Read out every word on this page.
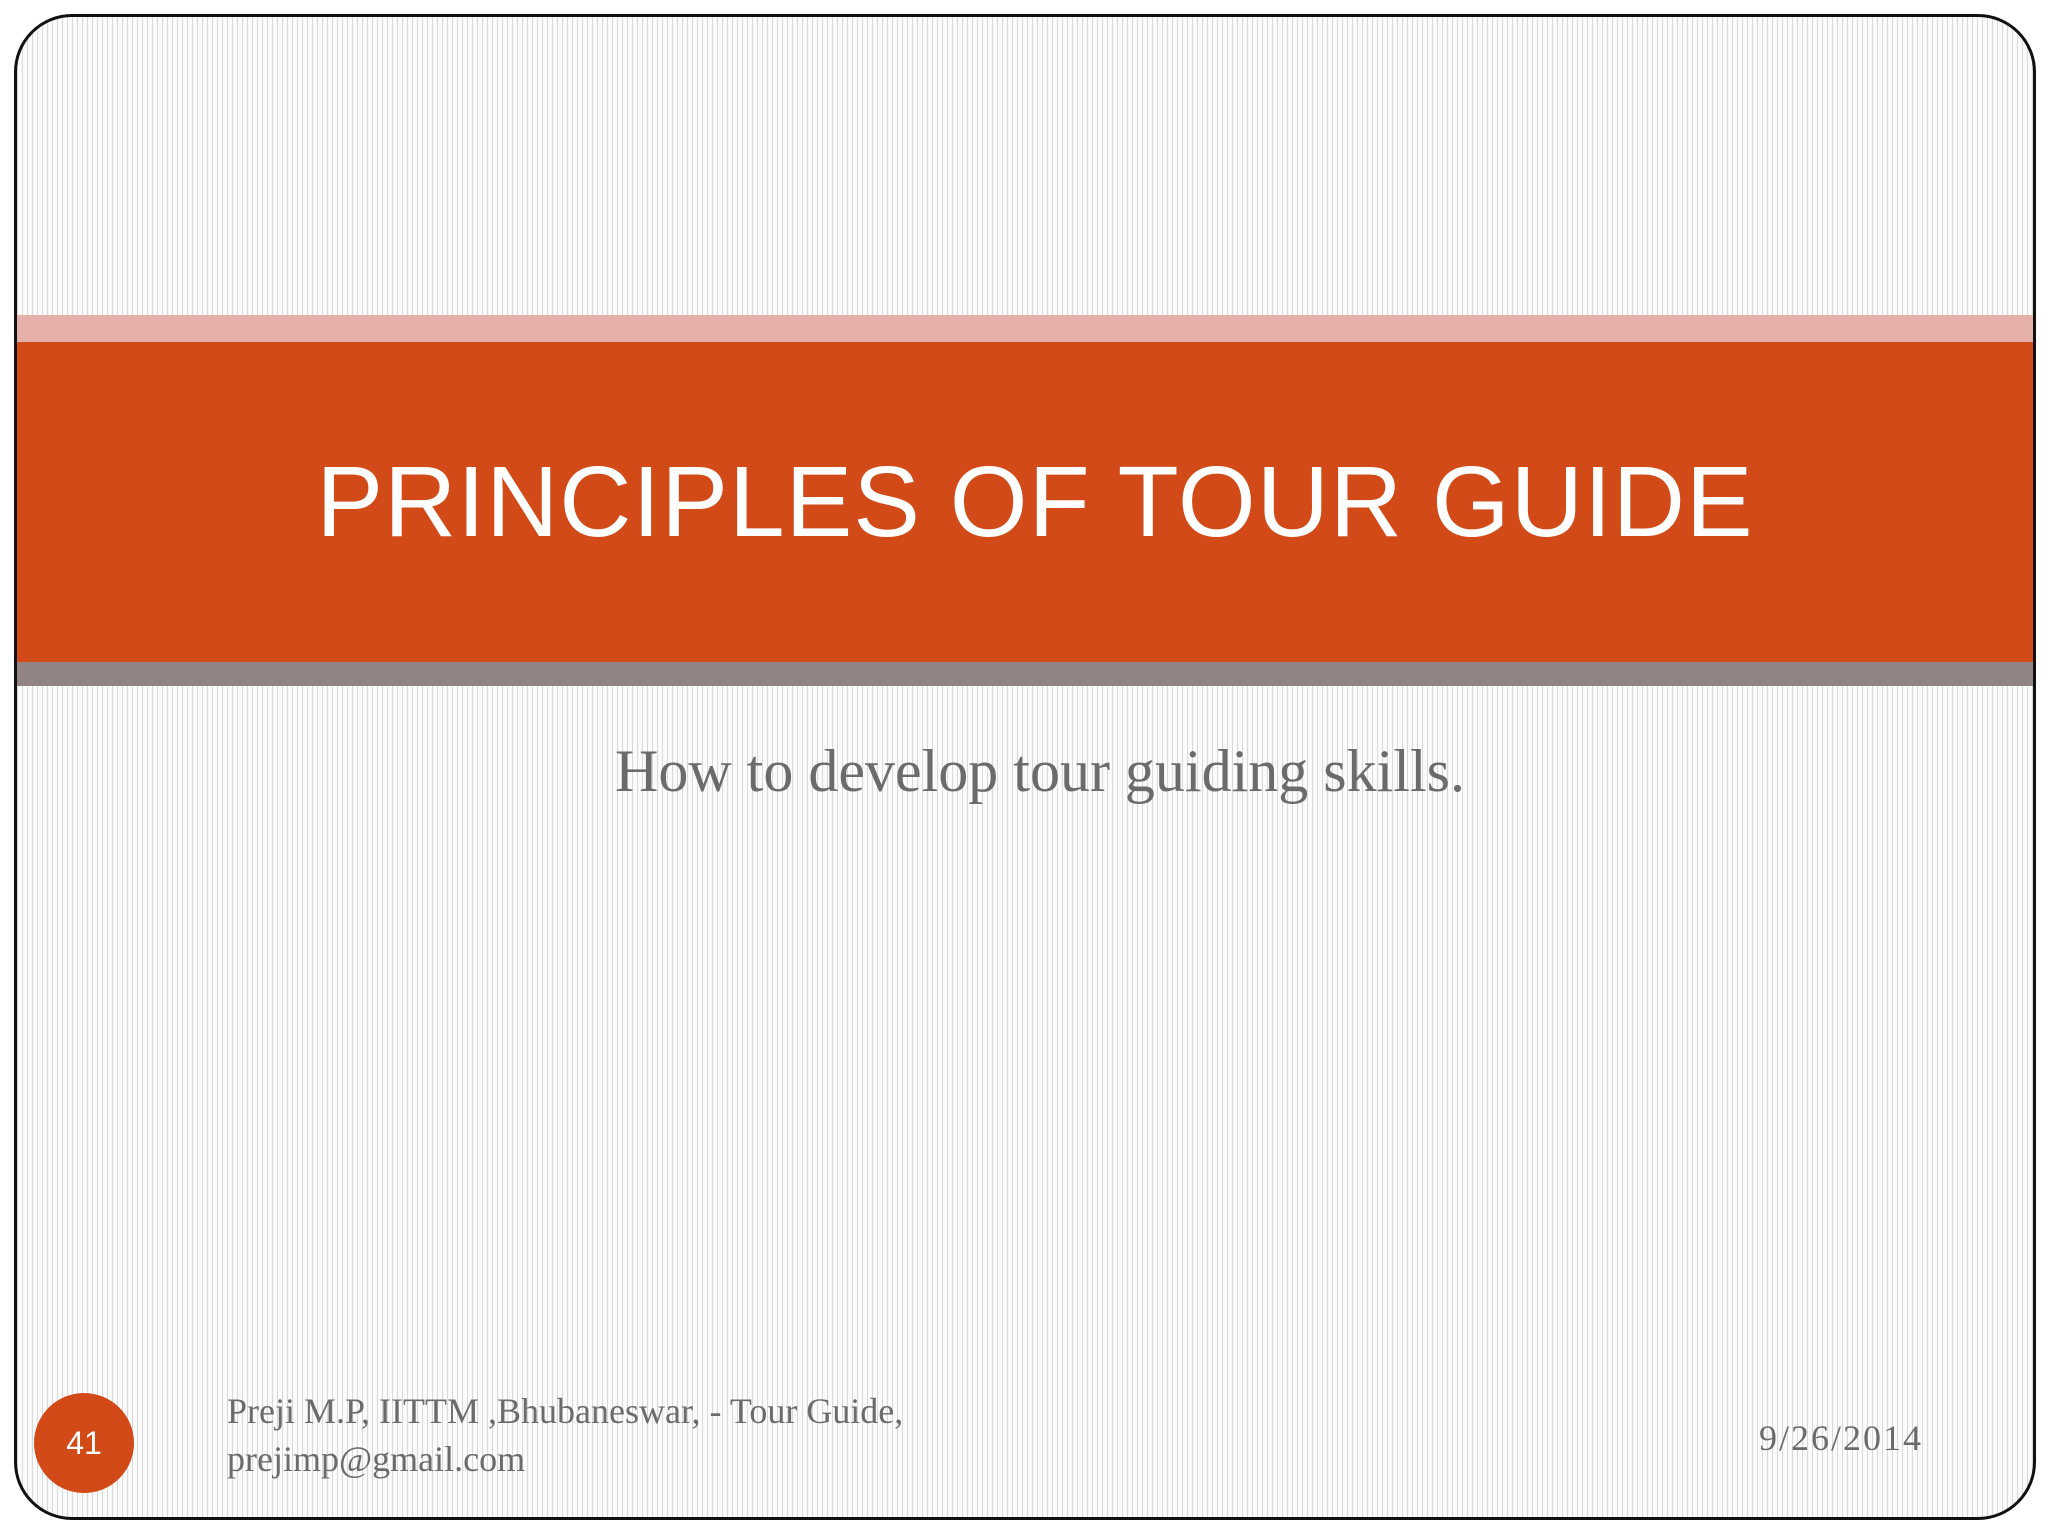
PRINCIPLES OF TOUR GUIDE
How to develop tour guiding skills.
41
Preji M.P, IITTM ,Bhubaneswar, - Tour Guide,
prejimp@gmail.com
9/26/2014
